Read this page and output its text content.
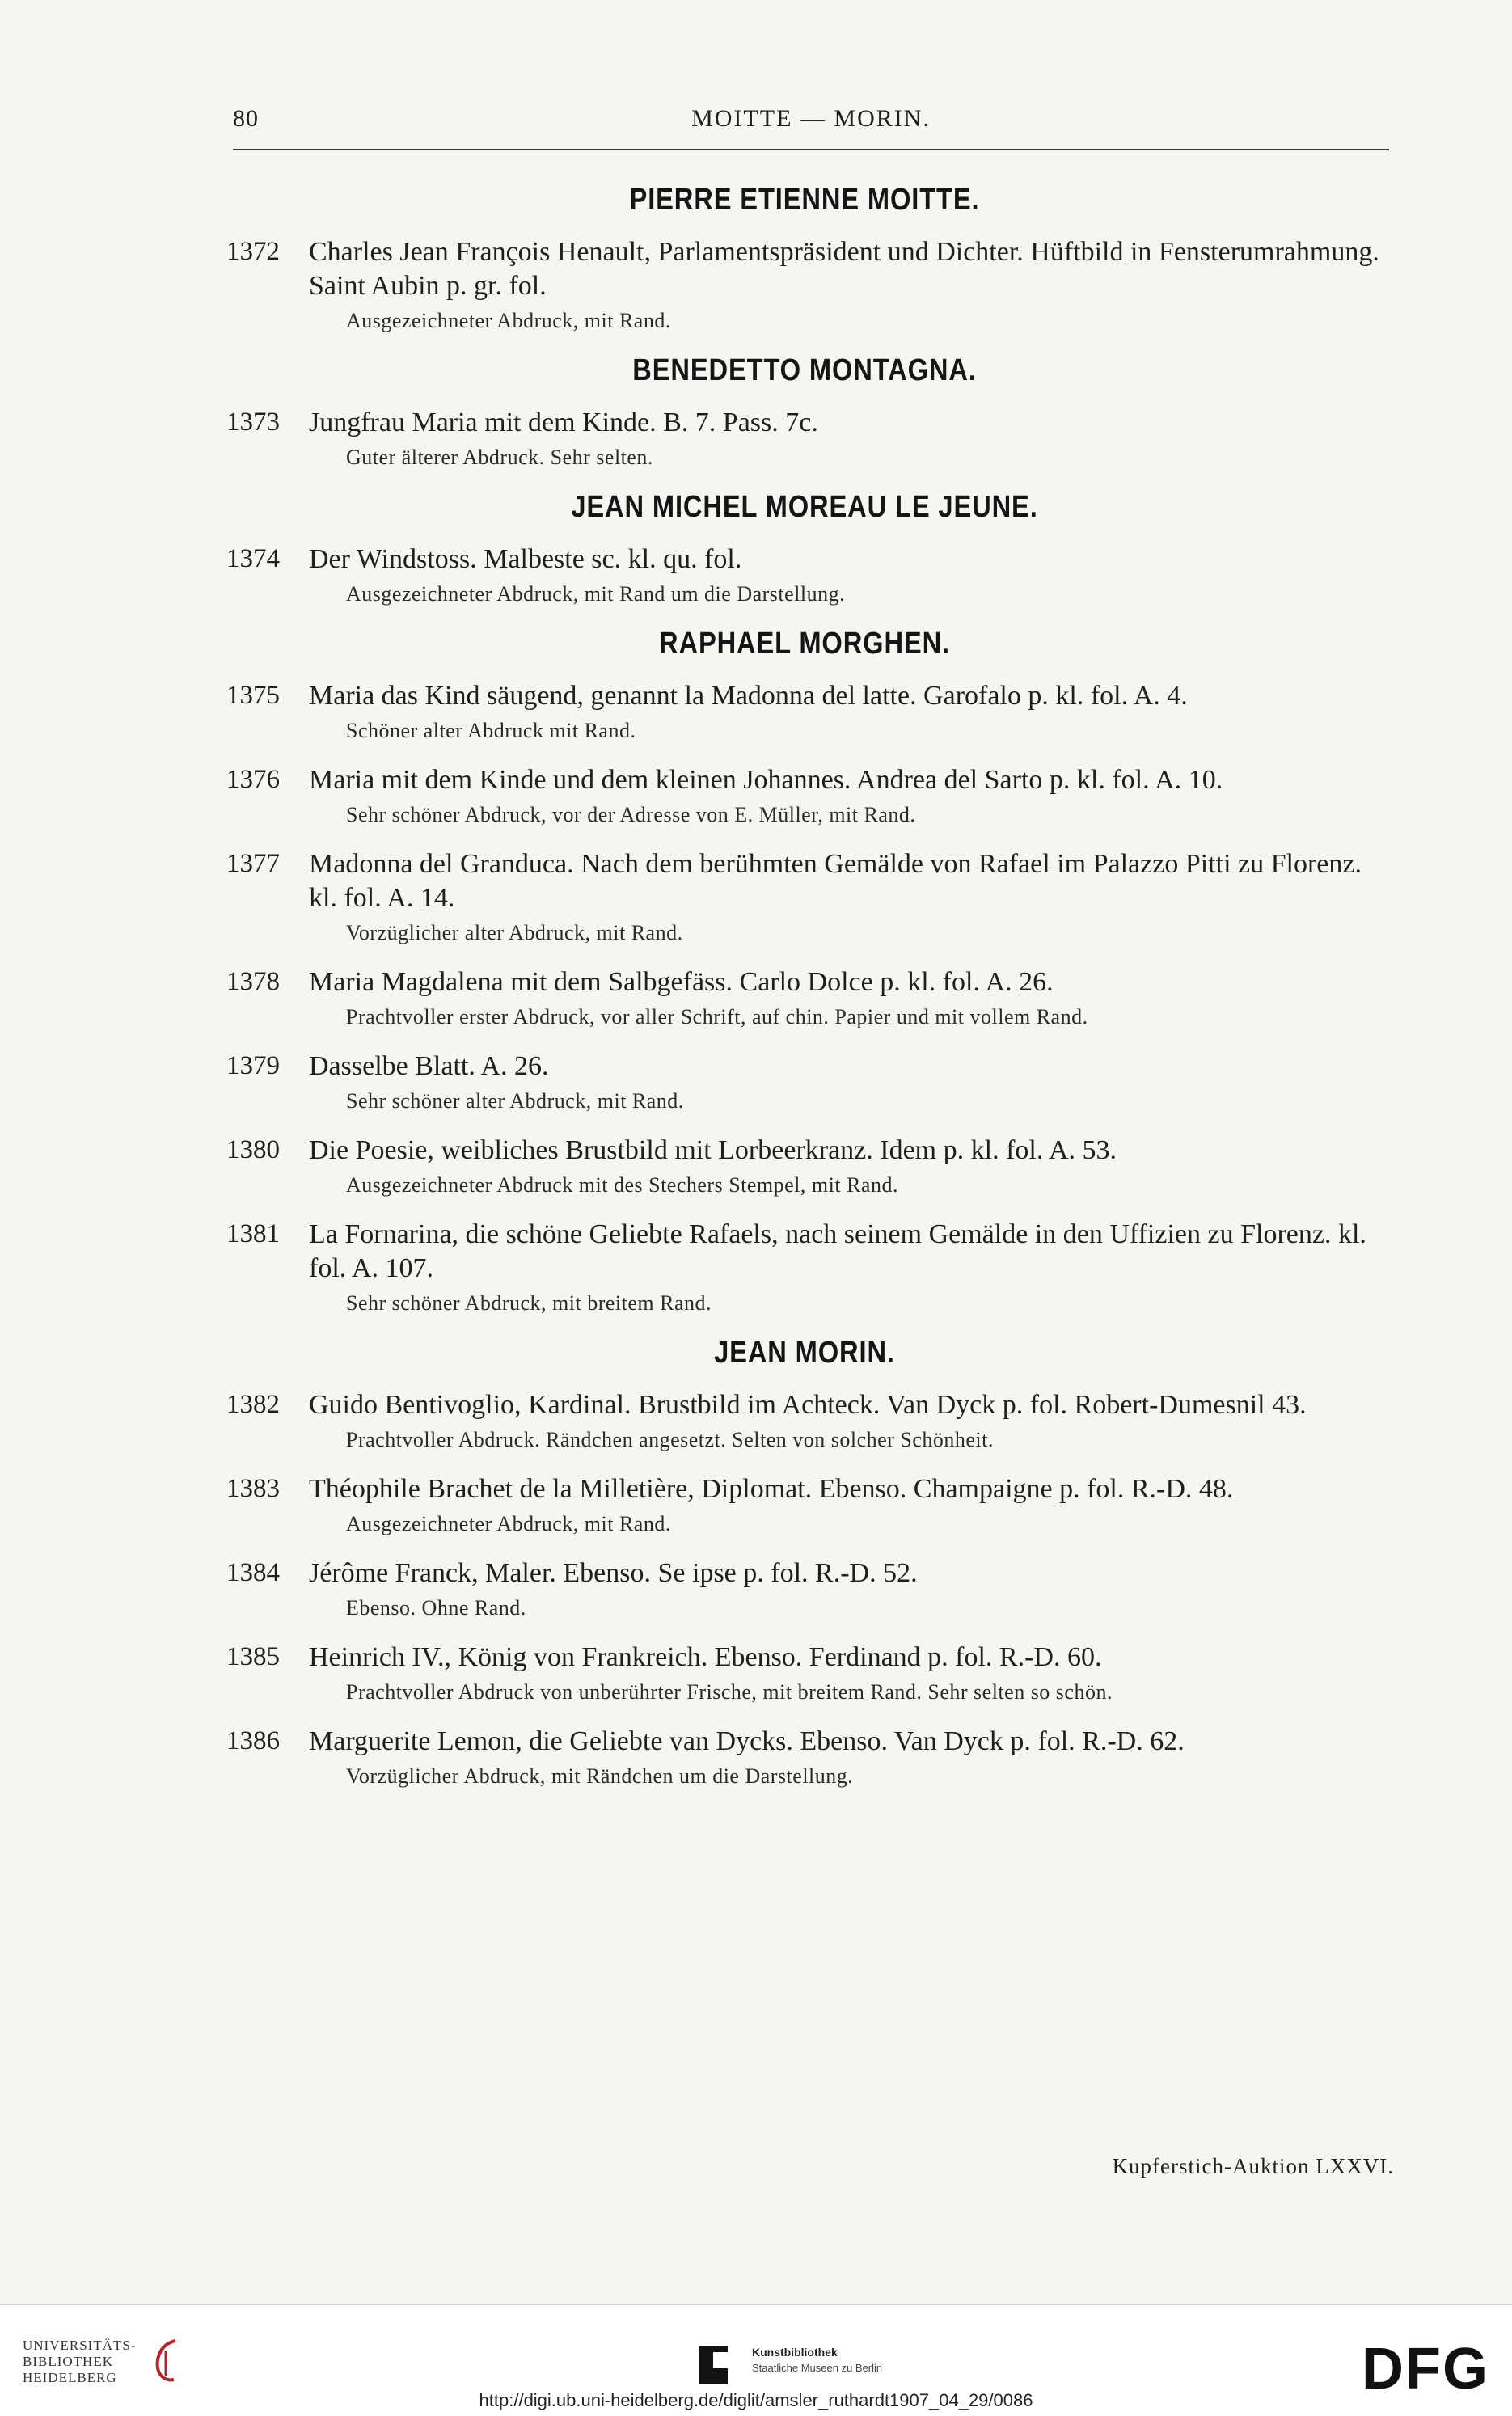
80	MOITTE — MORIN.
PIERRE ETIENNE MOITTE.
1372 Charles Jean François Henault, Parlamentspräsident und Dichter. Hüftbild in Fensterumrahmung. Saint Aubin p. gr. fol.
Ausgezeichneter Abdruck, mit Rand.
BENEDETTO MONTAGNA.
1373 Jungfrau Maria mit dem Kinde. B. 7. Pass. 7c.
Guter älterer Abdruck. Sehr selten.
JEAN MICHEL MOREAU LE JEUNE.
1374 Der Windstoss. Malbeste sc. kl. qu. fol.
Ausgezeichneter Abdruck, mit Rand um die Darstellung.
RAPHAEL MORGHEN.
1375 Maria das Kind säugend, genannt la Madonna del latte. Garofalo p. kl. fol. A. 4.
Schöner alter Abdruck mit Rand.
1376 Maria mit dem Kinde und dem kleinen Johannes. Andrea del Sarto p. kl. fol. A. 10.
Sehr schöner Abdruck, vor der Adresse von E. Müller, mit Rand.
1377 Madonna del Granduca. Nach dem berühmten Gemälde von Rafael im Palazzo Pitti zu Florenz. kl. fol. A. 14.
Vorzüglicher alter Abdruck, mit Rand.
1378 Maria Magdalena mit dem Salbgefäss. Carlo Dolce p. kl. fol. A. 26.
Prachtvoller erster Abdruck, vor aller Schrift, auf chin. Papier und mit vollem Rand.
1379 Dasselbe Blatt. A. 26.
Sehr schöner alter Abdruck, mit Rand.
1380 Die Poesie, weibliches Brustbild mit Lorbeerkranz. Idem p. kl. fol. A. 53.
Ausgezeichneter Abdruck mit des Stechers Stempel, mit Rand.
1381 La Fornarina, die schöne Geliebte Rafaels, nach seinem Gemälde in den Uffizien zu Florenz. kl. fol. A. 107.
Sehr schöner Abdruck, mit breitem Rand.
JEAN MORIN.
1382 Guido Bentivoglio, Kardinal. Brustbild im Achteck. Van Dyck p. fol. Robert-Dumesnil 43.
Prachtvoller Abdruck. Rändchen angesetzt. Selten von solcher Schönheit.
1383 Théophile Brachet de la Milletière, Diplomat. Ebenso. Champaigne p. fol. R.-D. 48.
Ausgezeichneter Abdruck, mit Rand.
1384 Jérôme Franck, Maler. Ebenso. Se ipse p. fol. R.-D. 52.
Ebenso. Ohne Rand.
1385 Heinrich IV., König von Frankreich. Ebenso. Ferdinand p. fol. R.-D. 60.
Prachtvoller Abdruck von unberührter Frische, mit breitem Rand. Sehr selten so schön.
1386 Marguerite Lemon, die Geliebte van Dycks. Ebenso. Van Dyck p. fol. R.-D. 62.
Vorzüglicher Abdruck, mit Rändchen um die Darstellung.
Kupferstich-Auktion LXXVI.
UNIVERSITÄTS-
BIBLIOTHEK
HEIDELBERG
Kunstbibliothek
Staatliche Museen zu Berlin	DFG
http://digi.ub.uni-heidelberg.de/diglit/amsler_ruthardt1907_04_29/0086
